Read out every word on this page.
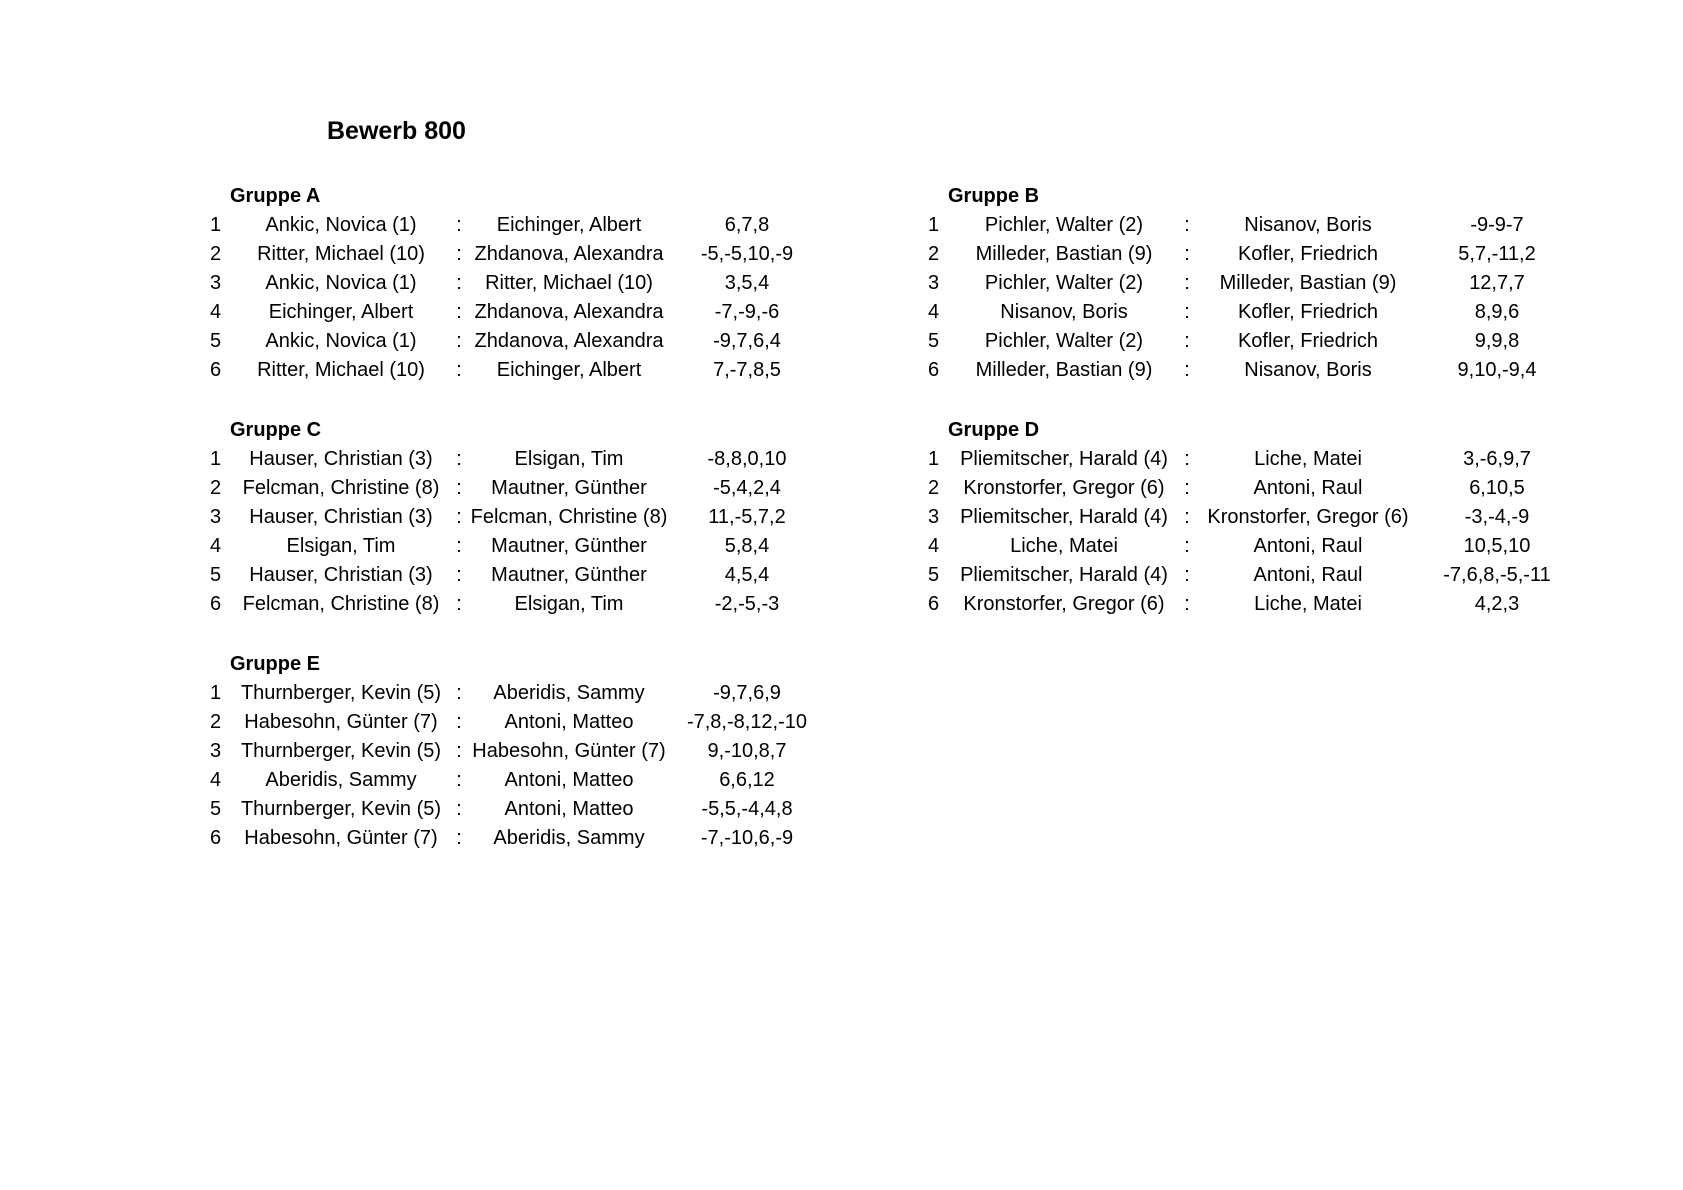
Bewerb 800
Gruppe A
1	Ankic, Novica (1)	:	Eichinger, Albert	6,7,8
2	Ritter, Michael (10)	: Zhdanova, Alexandra	-5,-5,10,-9
3	Ankic, Novica (1)	:	Ritter, Michael (10)	3,5,4
4	Eichinger, Albert	: Zhdanova, Alexandra	-7,-9,-6
5	Ankic, Novica (1)	: Zhdanova, Alexandra	-9,7,6,4
6	Ritter, Michael (10)	:	Eichinger, Albert	7,-7,8,5
Gruppe B
1	Pichler, Walter (2)	:	Nisanov, Boris	-9-9-7
2	Milleder, Bastian (9)	:	Kofler, Friedrich	5,7,-11,2
3	Pichler, Walter (2)	:	Milleder, Bastian (9)	12,7,7
4	Nisanov, Boris	:	Kofler, Friedrich	8,9,6
5	Pichler, Walter (2)	:	Kofler, Friedrich	9,9,8
6	Milleder, Bastian (9)	:	Nisanov, Boris	9,10,-9,4
Gruppe C
1	Hauser, Christian (3)	:	Elsigan, Tim	-8,8,0,10
2	Felcman, Christine (8) :	Mautner, Günther	-5,4,2,4
3	Hauser, Christian (3)	: Felcman, Christine (8)	11,-5,7,2
4	Elsigan, Tim	:	Mautner, Günther	5,8,4
5	Hauser, Christian (3)	:	Mautner, Günther	4,5,4
6	Felcman, Christine (8) :	Elsigan, Tim	-2,-5,-3
Gruppe D
1	Pliemitscher, Harald (4) :	Liche, Matei	3,-6,9,7
2	Kronstorfer, Gregor (6) :	Antoni, Raul	6,10,5
3	Pliemitscher, Harald (4) : Kronstorfer, Gregor (6)	-3,-4,-9
4	Liche, Matei	:	Antoni, Raul	10,5,10
5	Pliemitscher, Harald (4) :	Antoni, Raul	-7,6,8,-5,-11
6	Kronstorfer, Gregor (6) :	Liche, Matei	4,2,3
Gruppe E
1 Thurnberger, Kevin (5) :	Aberidis, Sammy	-9,7,6,9
2	Habesohn, Günter (7) :	Antoni, Matteo	-7,8,-8,12,-10
3 Thurnberger, Kevin (5) : Habesohn, Günter (7)	9,-10,8,7
4	Aberidis, Sammy	:	Antoni, Matteo	6,6,12
5 Thurnberger, Kevin (5) :	Antoni, Matteo	-5,5,-4,4,8
6	Habesohn, Günter (7) :	Aberidis, Sammy	-7,-10,6,-9
